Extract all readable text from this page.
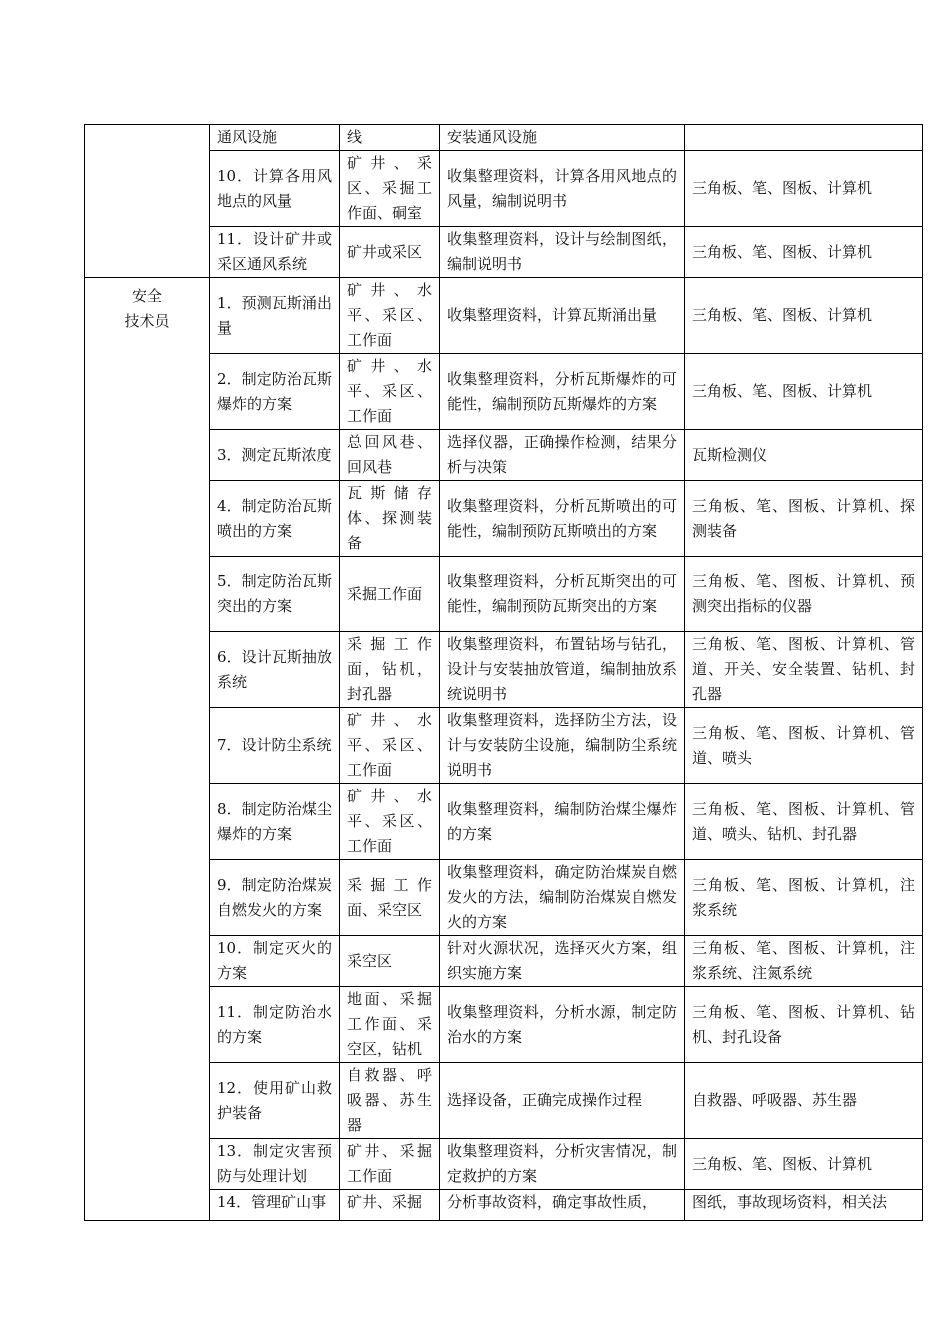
	通风设施	线	安装通风设施	
	10．计算各用风地点的风量	矿井、采区、采掘工作面、硐室	收集整理资料，计算各用风地点的风量，编制说明书	三角板、笔、图板、计算机
	11．设计矿井或采区通风系统	矿井或采区	收集整理资料，设计与绘制图纸，编制说明书	三角板、笔、图板、计算机
安全
技术员	1．预测瓦斯涌出量	矿井、水平、采区、工作面	收集整理资料，计算瓦斯涌出量	三角板、笔、图板、计算机
	2．制定防治瓦斯爆炸的方案	矿井、水平、采区、工作面	收集整理资料，分析瓦斯爆炸的可能性，编制预防瓦斯爆炸的方案	三角板、笔、图板、计算机
	3．测定瓦斯浓度	总回风巷、回风巷	选择仪器，正确操作检测，结果分析与决策	瓦斯检测仪
	4．制定防治瓦斯喷出的方案	瓦斯储存体、探测装备	收集整理资料，分析瓦斯喷出的可能性，编制预防瓦斯喷出的方案	三角板、笔、图板、计算机、探测装备
	5．制定防治瓦斯突出的方案	采掘工作面	收集整理资料，分析瓦斯突出的可能性，编制预防瓦斯突出的方案	三角板、笔、图板、计算机、预测突出指标的仪器
	6．设计瓦斯抽放系统	采掘工作面，钻机，封孔器	收集整理资料，布置钻场与钻孔，设计与安装抽放管道，编制抽放系统说明书	三角板、笔、图板、计算机、管道、开关、安全装置、钻机、封孔器
	7．设计防尘系统	矿井、水平、采区、工作面	收集整理资料，选择防尘方法，设计与安装防尘设施，编制防尘系统说明书	三角板、笔、图板、计算机、管道、喷头
	8．制定防治煤尘爆炸的方案	矿井、水平、采区、工作面	收集整理资料，编制防治煤尘爆炸的方案	三角板、笔、图板、计算机、管道、喷头、钻机、封孔器
	9．制定防治煤炭自燃发火的方案	采掘工作面、采空区	收集整理资料，确定防治煤炭自燃发火的方法，编制防治煤炭自燃发火的方案	三角板、笔、图板、计算机，注浆系统
	10．制定灭火的方案	采空区	针对火源状况，选择灭火方案，组织实施方案	三角板、笔、图板、计算机，注浆系统、注氮系统
	11．制定防治水的方案	地面、采掘工作面、采空区，钻机	收集整理资料，分析水源，制定防治水的方案	三角板、笔、图板、计算机、钻机、封孔设备
	12．使用矿山救护装备	自救器、呼吸器、苏生器	选择设备，正确完成操作过程	自救器、呼吸器、苏生器
	13．制定灾害预防与处理计划	矿井、采掘工作面	收集整理资料，分析灾害情况，制定救护的方案	三角板、笔、图板、计算机
	14．管理矿山事	矿井、采掘	分析事故资料，确定事故性质，	图纸，事故现场资料，相关法
